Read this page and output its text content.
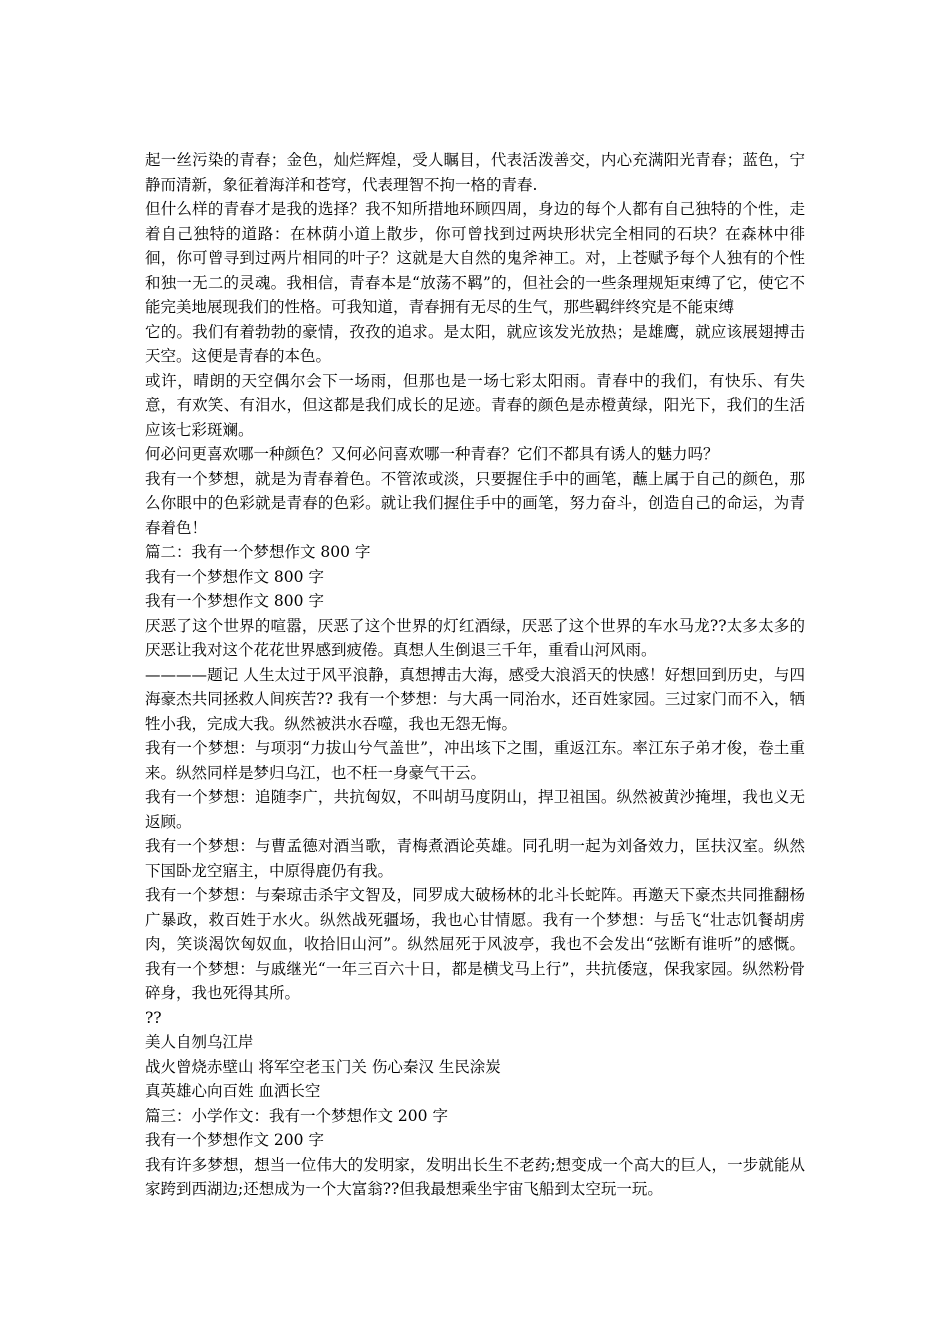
起一丝污染的青春；金色，灿烂辉煌，受人瞩目，代表活泼善交，内心充满阳光青春；蓝色，宁静而清新，象征着海洋和苍穹，代表理智不拘一格的青春.

但什么样的青春才是我的选择？我不知所措地环顾四周，身边的每个人都有自己独特的个性，走着自己独特的道路：在林荫小道上散步，你可曾找到过两块形状完全相同的石块？在森林中徘徊，你可曾寻到过两片相同的叶子？这就是大自然的鬼斧神工。对，上苍赋予每个人独有的个性和独一无二的灵魂。我相信，青春本是“放荡不羁”的，但社会的一些条理规矩束缚了它，使它不能完美地展现我们的性格。可我知道，青春拥有无尽的生气，那些羁绊终究是不能束缚

它的。我们有着勃勃的豪情，孜孜的追求。是太阳，就应该发光放热；是雄鹰，就应该展翅搏击天空。这便是青春的本色。

或许，晴朗的天空偶尔会下一场雨，但那也是一场七彩太阳雨。青春中的我们，有快乐、有失意，有欢笑、有泪水，但这都是我们成长的足迹。青春的颜色是赤橙黄绿，阳光下，我们的生活应该七彩斑斓。

何必问更喜欢哪一种颜色？又何必问喜欢哪一种青春？它们不都具有诱人的魅力吗？

我有一个梦想，就是为青春着色。不管浓或淡，只要握住手中的画笔，蘸上属于自己的颜色，那么你眼中的色彩就是青春的色彩。就让我们握住手中的画笔，努力奋斗，创造自己的命运，为青春着色！

篇二：我有一个梦想作文 800 字

我有一个梦想作文 800 字

我有一个梦想作文 800 字

厌恶了这个世界的喧嚣，厌恶了这个世界的灯红酒绿，厌恶了这个世界的车水马龙??太多太多的厌恶让我对这个花花世界感到疲倦。真想人生倒退三千年，重看山河风雨。

————题记 人生太过于风平浪静，真想搏击大海，感受大浪滔天的快感！好想回到历史，与四海豪杰共同拯救人间疾苦?? 我有一个梦想：与大禹一同治水，还百姓家园。三过家门而不入，牺牲小我，完成大我。纵然被洪水吞噬，我也无怨无悔。

我有一个梦想：与项羽“力拔山兮气盖世”，冲出垓下之围，重返江东。率江东子弟才俊，卷土重来。纵然同样是梦归乌江，也不枉一身豪气干云。

我有一个梦想：追随李广，共抗匈奴，不叫胡马度阴山，捍卫祖国。纵然被黄沙掩埋，我也义无返顾。

我有一个梦想：与曹孟德对酒当歌，青梅煮酒论英雄。同孔明一起为刘备效力，匡扶汉室。纵然下国卧龙空寤主，中原得鹿仍有我。

我有一个梦想：与秦琼击杀宇文智及，同罗成大破杨林的北斗长蛇阵。再邀天下豪杰共同推翻杨广暴政，救百姓于水火。纵然战死疆场，我也心甘情愿。我有一个梦想：与岳飞“壮志饥餐胡虏肉，笑谈渴饮匈奴血，收拾旧山河”。纵然屈死于风波亭，我也不会发出“弦断有谁听”的感慨。 我有一个梦想：与戚继光“一年三百六十日，都是横戈马上行”，共抗倭寇，保我家园。纵然粉骨碎身，我也死得其所。

??

美人自刎乌江岸

战火曾烧赤壁山 将军空老玉门关 伤心秦汉 生民涂炭

真英雄心向百姓 血洒长空

篇三：小学作文：我有一个梦想作文 200 字

我有一个梦想作文 200 字

我有许多梦想，想当一位伟大的发明家，发明出长生不老药;想变成一个高大的巨人，一步就能从家跨到西湖边;还想成为一个大富翁??但我最想乘坐宇宙飞船到太空玩一玩。
